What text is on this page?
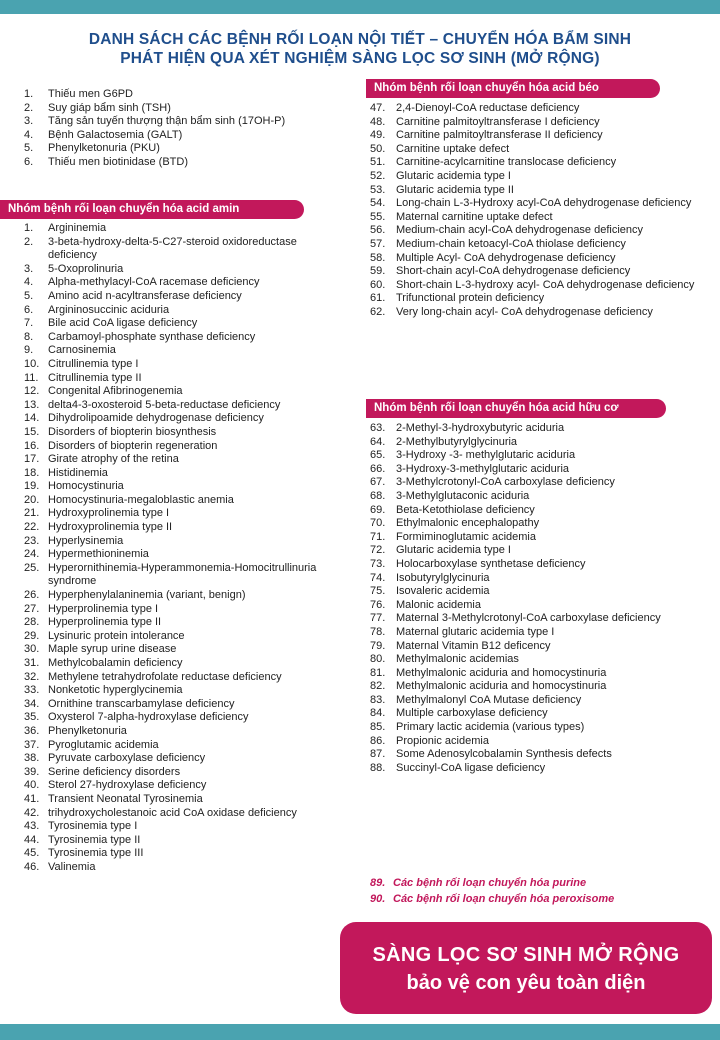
DANH SÁCH CÁC BỆNH RỐI LOẠN NỘI TIẾT – CHUYỂN HÓA BẨM SINH
PHÁT HIỆN QUA XÉT NGHIỆM SÀNG LỌC SƠ SINH (MỞ RỘNG)
1.	Thiếu men G6PD
2.	Suy giáp bẩm sinh (TSH)
3.	Tăng sản tuyến thượng thận bẩm sinh (17OH-P)
4.	Bệnh Galactosemia (GALT)
5.	Phenylketonuria (PKU)
6.	Thiếu men biotinidase (BTD)
Nhóm bệnh rối loạn chuyển hóa acid amin
1.	Argininemia
2.	3-beta-hydroxy-delta-5-C27-steroid oxidoreductase deficiency
3.	5-Oxoprolinuria
4.	Alpha-methylacyl-CoA racemase deficiency
5.	Amino acid n-acyltransferase deficiency
6.	Argininosuccinic aciduria
7.	Bile acid CoA ligase deficiency
8.	Carbamoyl-phosphate synthase deficiency
9.	Carnosinemia
10. Citrullinemia type I
11. Citrullinemia type II
12. Congenital Afibrinogenemia
13. delta4-3-oxosteroid 5-beta-reductase deficiency
14. Dihydrolipoamide dehydrogenase deficiency
15. Disorders of biopterin biosynthesis
16. Disorders of biopterin regeneration
17. Girate atrophy of the retina
18. Histidinemia
19. Homocystinuria
20. Homocystinuria-megaloblastic anemia
21. Hydroxyprolinemia type I
22. Hydroxyprolinemia type II
23. Hyperlysinemia
24. Hypermethioninemia
25. Hyperornithinemia-Hyperammonemia-Homocitrullinuria syndrome
26. Hyperphenylalaninemia (variant, benign)
27. Hyperprolinemia type I
28. Hyperprolinemia type II
29. Lysinuric protein intolerance
30. Maple syrup urine disease
31. Methylcobalamin deficiency
32. Methylene tetrahydrofolate reductase deficiency
33. Nonketotic hyperglycinemia
34. Ornithine transcarbamylase deficiency
35. Oxysterol 7-alpha-hydroxylase deficiency
36. Phenylketonuria
37. Pyroglutamic acidemia
38. Pyruvate carboxylase deficiency
39. Serine deficiency disorders
40. Sterol 27-hydroxylase deficiency
41. Transient Neonatal Tyrosinemia
42. trihydroxycholestanoic acid CoA oxidase deficiency
43. Tyrosinemia type I
44. Tyrosinemia type II
45. Tyrosinemia type III
46. Valinemia
Nhóm bệnh rối loạn chuyển hóa acid béo
47. 2,4-Dienoyl-CoA reductase deficiency
48. Carnitine palmitoyltransferase I deficiency
49. Carnitine palmitoyltransferase II deficiency
50. Carnitine uptake defect
51. Carnitine-acylcarnitine translocase deficiency
52. Glutaric acidemia type I
53. Glutaric acidemia type II
54. Long-chain L-3-Hydroxy acyl-CoA dehydrogenase deficiency
55. Maternal carnitine uptake defect
56. Medium-chain acyl-CoA dehydrogenase deficiency
57. Medium-chain ketoacyl-CoA thiolase deficiency
58. Multiple Acyl- CoA dehydrogenase deficiency
59. Short-chain acyl-CoA dehydrogenase deficiency
60. Short-chain L-3-hydroxy acyl- CoA dehydrogenase deficiency
61. Trifunctional protein deficiency
62. Very long-chain acyl- CoA dehydrogenase deficiency
Nhóm bệnh rối loạn chuyển hóa acid hữu cơ
63. 2-Methyl-3-hydroxybutyric aciduria
64. 2-Methylbutyrylglycinuria
65. 3-Hydroxy -3- methylglutaric aciduria
66. 3-Hydroxy-3-methylglutaric aciduria
67. 3-Methylcrotonyl-CoA carboxylase deficiency
68. 3-Methylglutaconic aciduria
69. Beta-Ketothiolase deficiency
70. Ethylmalonic encephalopathy
71. Formiminoglutamic acidemia
72. Glutaric acidemia type I
73. Holocarboxylase synthetase deficiency
74. Isobutyrylglycinuria
75. Isovaleric acidemia
76. Malonic acidemia
77. Maternal 3-Methylcrotonyl-CoA carboxylase deficiency
78. Maternal glutaric acidemia type I
79. Maternal Vitamin B12 deficency
80. Methylmalonic acidemias
81. Methylmalonic aciduria and homocystinuria
82. Methylmalonic aciduria and homocystinuria
83. Methylmalonyl CoA Mutase deficiency
84. Multiple carboxylase deficiency
85. Primary lactic acidemia (various types)
86. Propionic acidemia
87. Some Adenosylcobalamin Synthesis defects
88. Succinyl-CoA ligase deficiency
89. Các bệnh rối loạn chuyển hóa purine
90. Các bệnh rối loạn chuyển hóa peroxisome
SÀNG LỌC SƠ SINH MỞ RỘNG
bảo vệ con yêu toàn diện
